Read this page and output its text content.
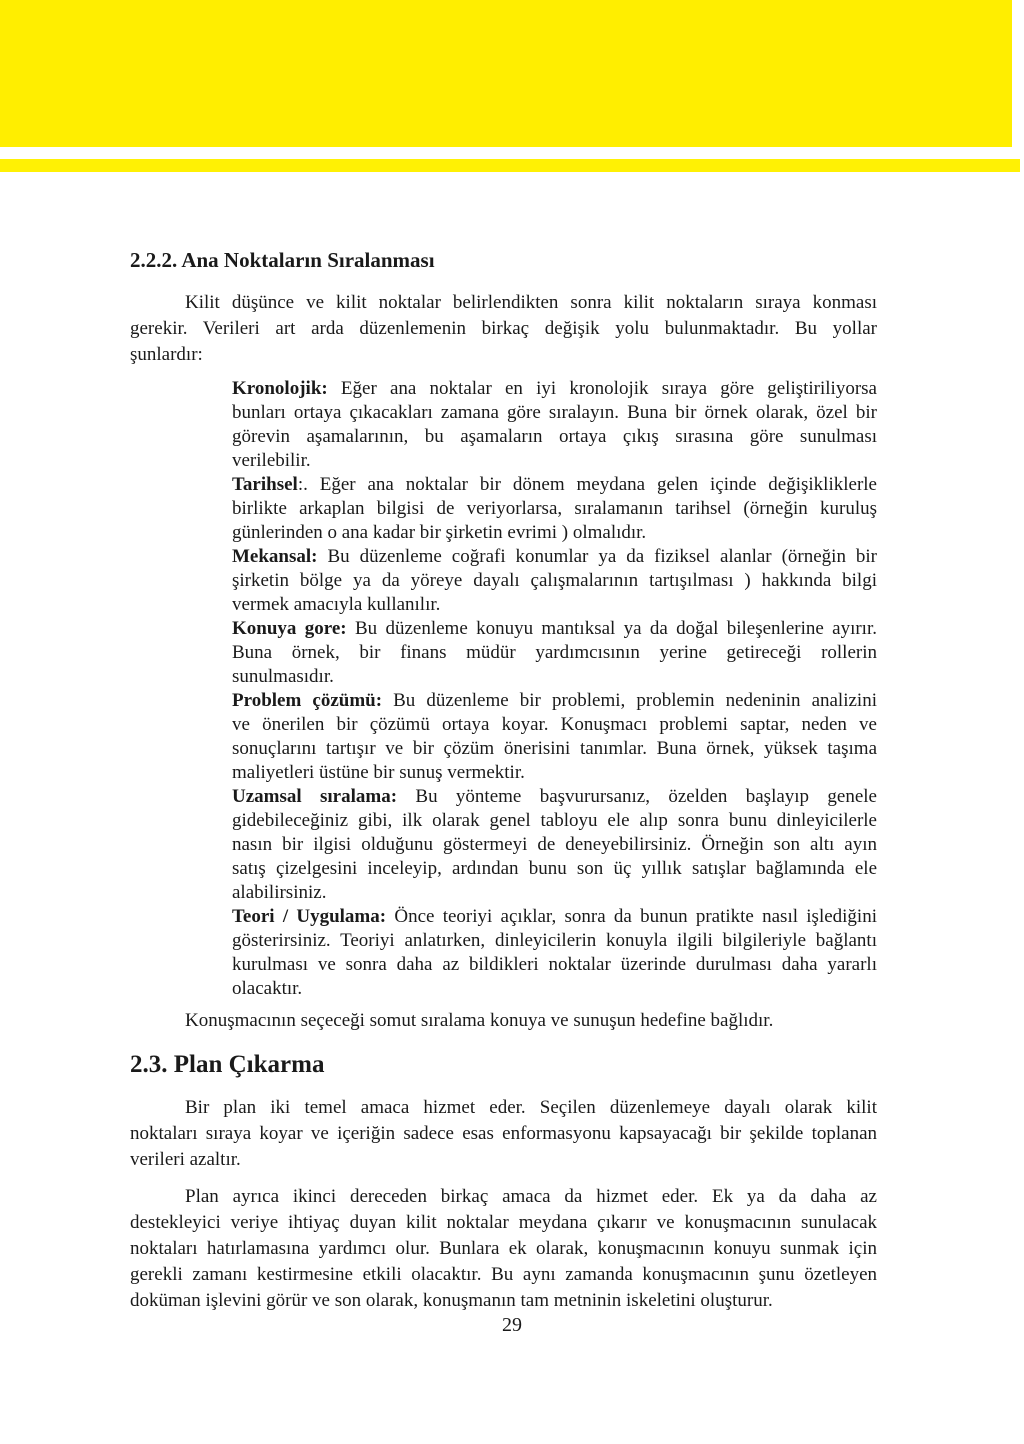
2.2.2. Ana Noktaların Sıralanması
Kilit düşünce ve kilit noktalar belirlendikten sonra kilit noktaların sıraya konması
gerekir. Verileri art arda düzenlemenin birkaç değişik yolu bulunmaktadır. Bu yollar
şunlardır:
Kronolojik: Eğer ana noktalar en iyi kronolojik sıraya göre geliştiriliyorsa
bunları ortaya çıkacakları zamana göre sıralayın. Buna bir örnek olarak, özel bir
görevin aşamalarının, bu aşamaların ortaya çıkış sırasına göre sunulması
verilebilir.
Tarihsel:. Eğer ana noktalar bir dönem meydana gelen içinde değişikliklerle
birlikte arkaplan bilgisi de veriyorlarsa, sıralamanın tarihsel (örneğin kuruluş
günlerinden o ana kadar bir şirketin evrimi ) olmalıdır.
Mekansal: Bu düzenleme coğrafi konumlar ya da fiziksel alanlar (örneğin bir
şirketin bölge ya da yöreye dayalı çalışmalarının tartışılması ) hakkında bilgi
vermek amacıyla kullanılır.
Konuya gore: Bu düzenleme konuyu mantıksal ya da doğal bileşenlerine ayırır.
Buna örnek, bir finans müdür yardımcısının yerine getireceği rollerin
sunulmasıdır.
Problem çözümü: Bu düzenleme bir problemi, problemin nedeninin analizini
ve önerilen bir çözümü ortaya koyar. Konuşmacı problemi saptar, neden ve
sonuçlarını tartışır ve bir çözüm önerisini tanımlar. Buna örnek, yüksek taşıma
maliyetleri üstüne bir sunuş vermektir.
Uzamsal sıralama: Bu yönteme başvurursanız, özelden başlayıp genele
gidebileceğiniz gibi, ilk olarak genel tabloyu ele alıp sonra bunu dinleyicilerle
nasın bir ilgisi olduğunu göstermeyi de deneyebilirsiniz. Örneğin son altı ayın
satış çizelgesini inceleyip, ardından bunu son üç yıllık satışlar bağlamında ele
alabilirsiniz.
Teori / Uygulama: Önce teoriyi açıklar, sonra da bunun pratikte nasıl işlediğini
gösterirsiniz. Teoriyi anlatırken, dinleyicilerin konuyla ilgili bilgileriyle bağlantı
kurulması ve sonra daha az bildikleri noktalar üzerinde durulması daha yararlı
olacaktır.
Konuşmacının seçeceği somut sıralama konuya ve sunuşun hedefine bağlıdır.
2.3. Plan Çıkarma
Bir plan iki temel amaca hizmet eder. Seçilen düzenlemeye dayalı olarak kilit
noktaları sıraya koyar ve içeriğin sadece esas enformasyonu kapsayacağı bir şekilde toplanan
verileri azaltır.
Plan ayrıca ikinci dereceden birkaç amaca da hizmet eder. Ek ya da daha az
destekleyici veriye ihtiyaç duyan kilit noktalar meydana çıkarır ve konuşmacının sunulacak
noktaları hatırlamasına yardımcı olur. Bunlara ek olarak, konuşmacının konuyu sunmak için
gerekli zamanı kestirmesine etkili olacaktır. Bu aynı zamanda konuşmacının şunu özetleyen
doküman işlevini görür ve son olarak, konuşmanın tam metninin iskeletini oluşturur.
29
